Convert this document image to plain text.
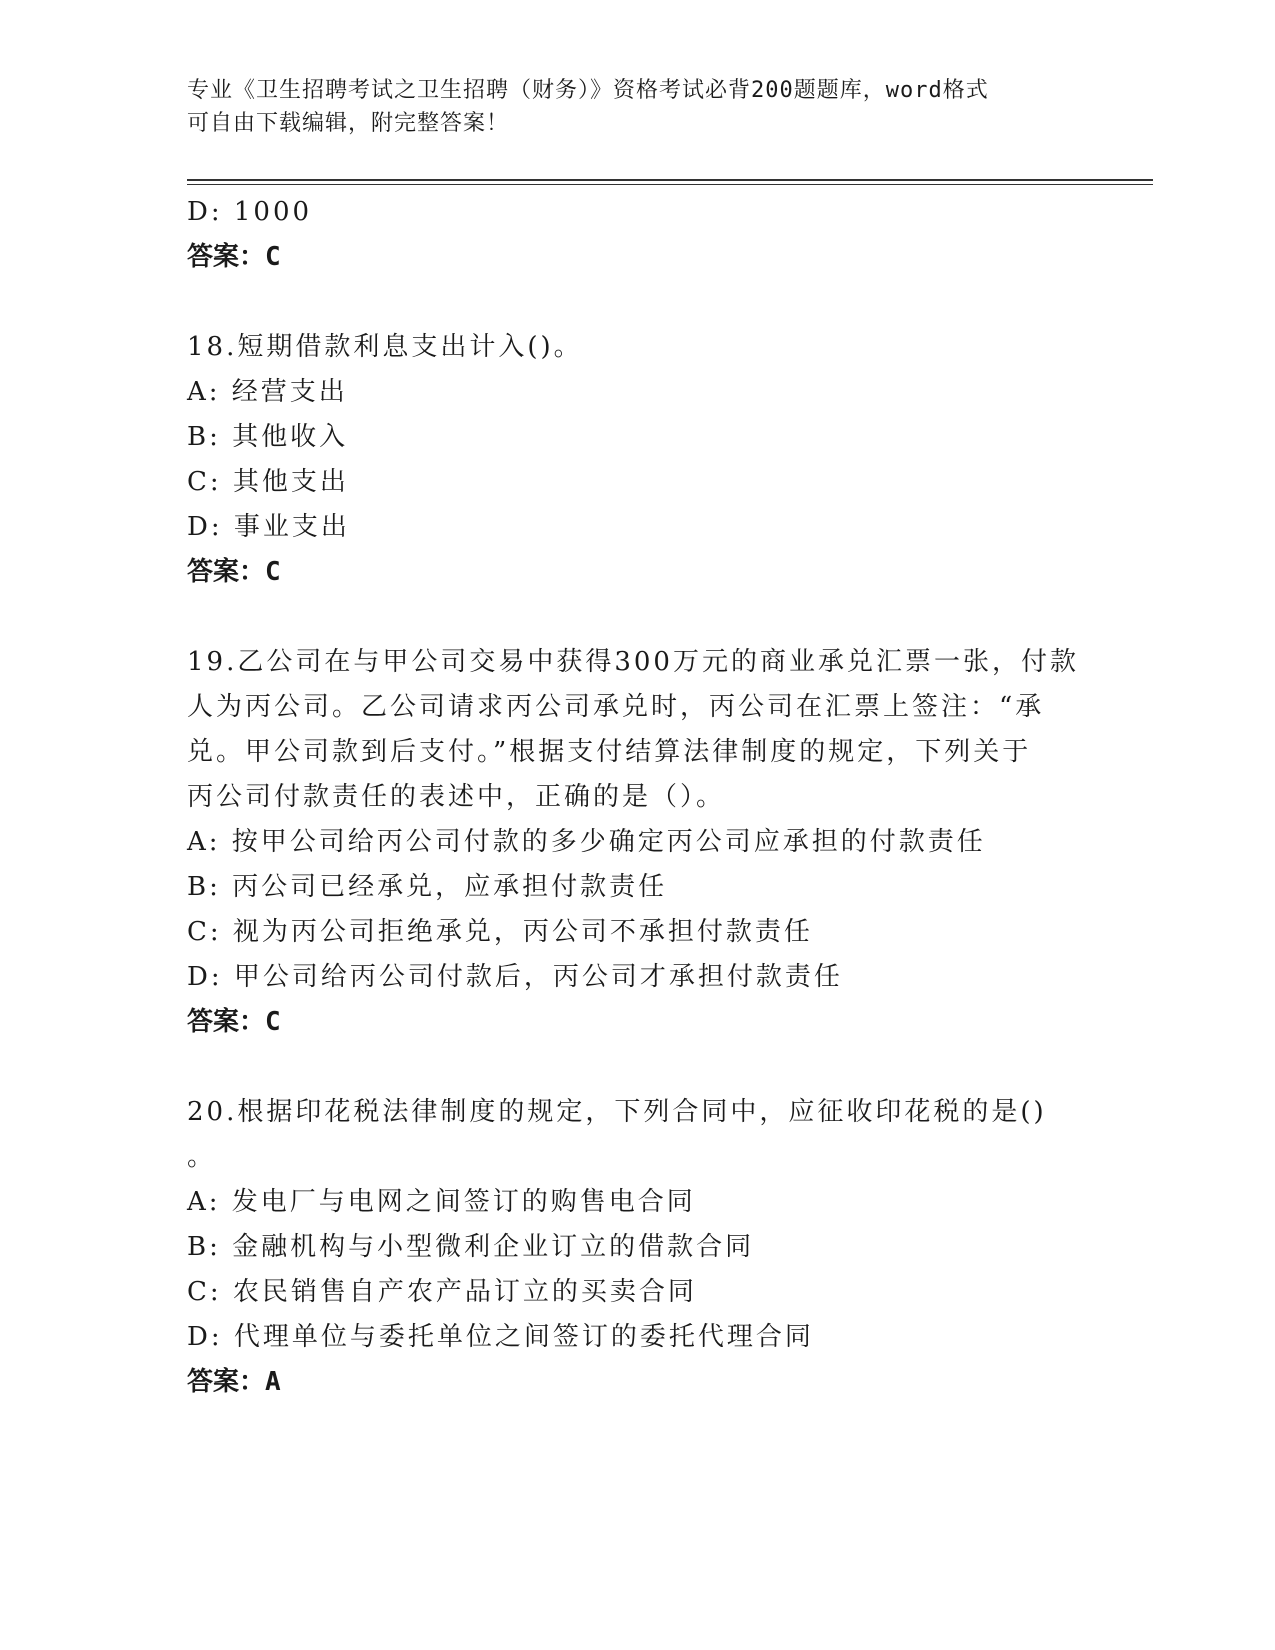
专业《卫生招聘考试之卫生招聘（财务）》资格考试必背200题题库，word格式
可自由下载编辑，附完整答案！
D: 1000
答案：C
18.短期借款利息支出计入()。
A: 经营支出
B: 其他收入
C: 其他支出
D: 事业支出
答案：C
19.乙公司在与甲公司交易中获得300万元的商业承兑汇票一张，付款
人为丙公司。乙公司请求丙公司承兑时，丙公司在汇票上签注：“承
兑。甲公司款到后支付。”根据支付结算法律制度的规定，下列关于
丙公司付款责任的表述中，正确的是（）。
A: 按甲公司给丙公司付款的多少确定丙公司应承担的付款责任
B: 丙公司已经承兑，应承担付款责任
C: 视为丙公司拒绝承兑，丙公司不承担付款责任
D: 甲公司给丙公司付款后，丙公司才承担付款责任
答案：C
20.根据印花税法律制度的规定，下列合同中，应征收印花税的是()
。
A: 发电厂与电网之间签订的购售电合同
B: 金融机构与小型微利企业订立的借款合同
C: 农民销售自产农产品订立的买卖合同
D: 代理单位与委托单位之间签订的委托代理合同
答案：A
